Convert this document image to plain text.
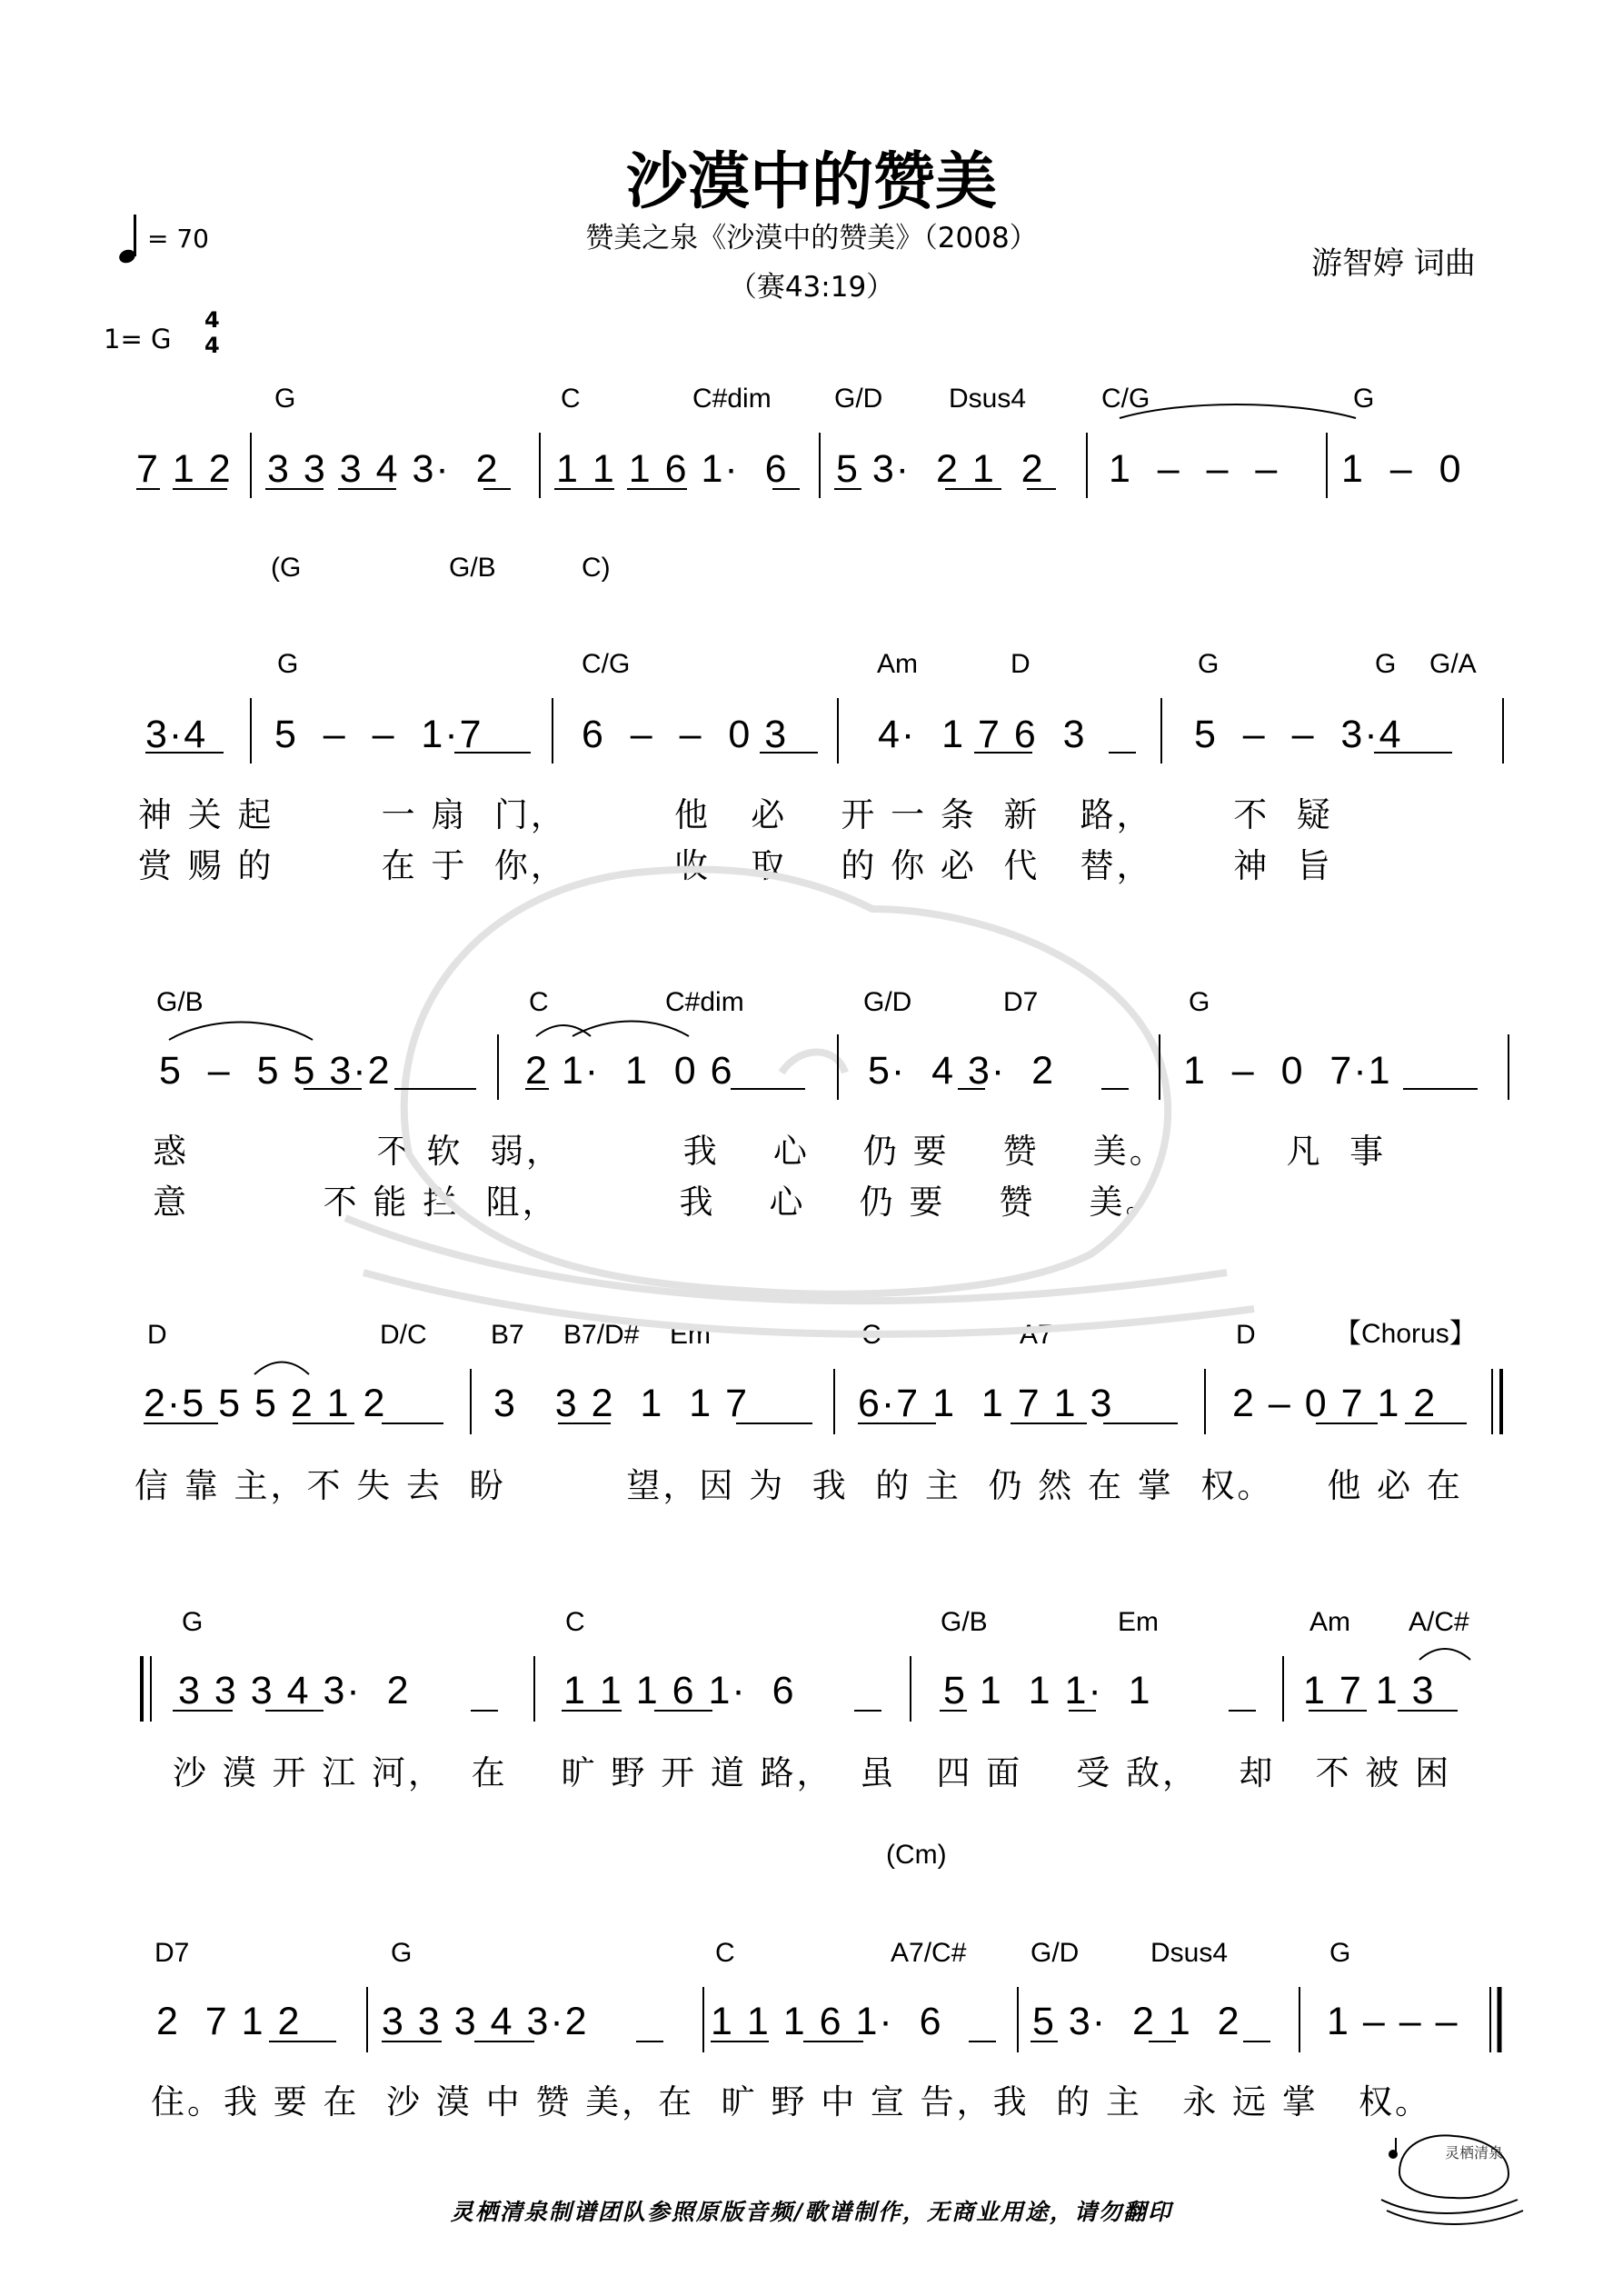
沙漠中的赞美
赞美之泉《沙漠中的赞美》（2008）
（赛43:19）
游智婷 词曲
= 70
1= G
4
4
G	C	C#dim G/D Dsus4	C/G	G
7 1 2 3 3 3 4 3·  2 1 1 1 6 1·  6 5 3·  2 1  2 1  –  –  – 1  –  0
(G	G/B	C)
G	C/G	Am	D	G	G G/A
3·4 5  –  –  1·7	6  –  –  0 3 4·  1 7 6  3	5  –  –  3·4
神 关 起        一 扇  门，        他   必    开 一 条  新   路，      不  疑
赏 赐 的        在 于  你，        收   取    的 你 必  代   替，      神  旨
G/B	C	C#dim	G/D	D7	G
5  –  5 5 3·2	2 1·  1  0 6	5·  4 3·  2	1  –  0  7·1
惑              不 软  弱，         我    心    仍 要    赞    美。         凡  事
意          不 能 拦  阻，         我    心    仍 要    赞    美。
D	D/C B7 B7/D# Em	C	A7	D	【Chorus】
2·5 5 5 2 1 2	3   3 2  1  1 7	6·7 1  1 7 1 3	2 – 0 7 1 2
信 靠 主，不 失 去  盼         望，因 为  我  的 主  仍 然 在 掌  权。    他 必 在
G	C	G/B	Em	Am A/C#
3 3 3 4 3·  2	1 1 1 6 1·  6	5 1  1 1·  1	1 7 1 3
沙 漠 开 江 河，  在    旷 野 开 道 路，  虽   四 面    受 敌，   却   不 被 困
(Cm)
D7	G	C	A7/C# G/D	Dsus4	G
2  7 1 2 3 3 3 4 3·2	1 1 1 6 1·  6 5 3·  2 1  2 1 – – –
住。我 要 在  沙 漠 中 赞 美，在  旷 野 中 宣 告，我  的 主   永 远 掌   权。
灵栖清泉
灵栖清泉制谱团队参照原版音频/歌谱制作，无商业用途，请勿翻印
